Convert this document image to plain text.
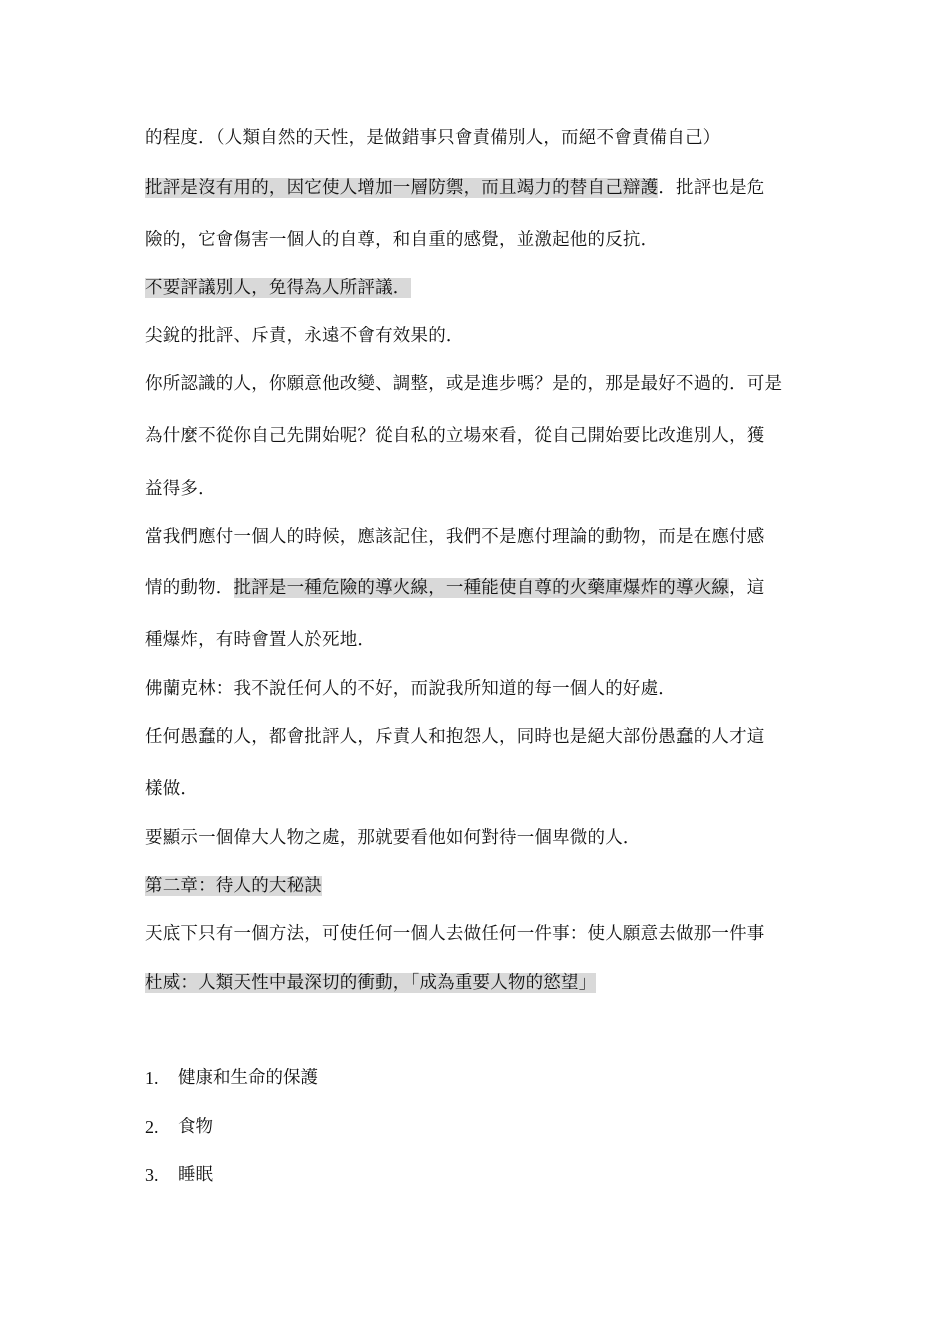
的程度．（人類自然的天性，是做錯事只會責備別人，而絕不會責備自己）
批評是沒有用的，因它使人增加一層防禦，而且竭力的替自己辯護．批評也是危
險的，它會傷害一個人的自尊，和自重的感覺，並激起他的反抗．
不要評議別人，免得為人所評議．
尖銳的批評、斥責，永遠不會有效果的．
你所認識的人，你願意他改變、調整，或是進步嗎？是的，那是最好不過的．可是
為什麼不從你自己先開始呢？從自私的立場來看，從自己開始要比改進別人，獲
益得多．
當我們應付一個人的時候，應該記住，我們不是應付理論的動物，而是在應付感
情的動物．批評是一種危險的導火線，一種能使自尊的火藥庫爆炸的導火線，這
種爆炸，有時會置人於死地．
佛蘭克林：我不說任何人的不好，而說我所知道的每一個人的好處．
任何愚蠢的人，都會批評人，斥責人和抱怨人，同時也是絕大部份愚蠢的人才這
樣做．
要顯示一個偉大人物之處，那就要看他如何對待一個卑微的人．
第二章：待人的大秘訣
天底下只有一個方法，可使任何一個人去做任何一件事：使人願意去做那一件事
杜威：人類天性中最深切的衝動，「成為重要人物的慾望」
1. 健康和生命的保護
2. 食物
3. 睡眠
